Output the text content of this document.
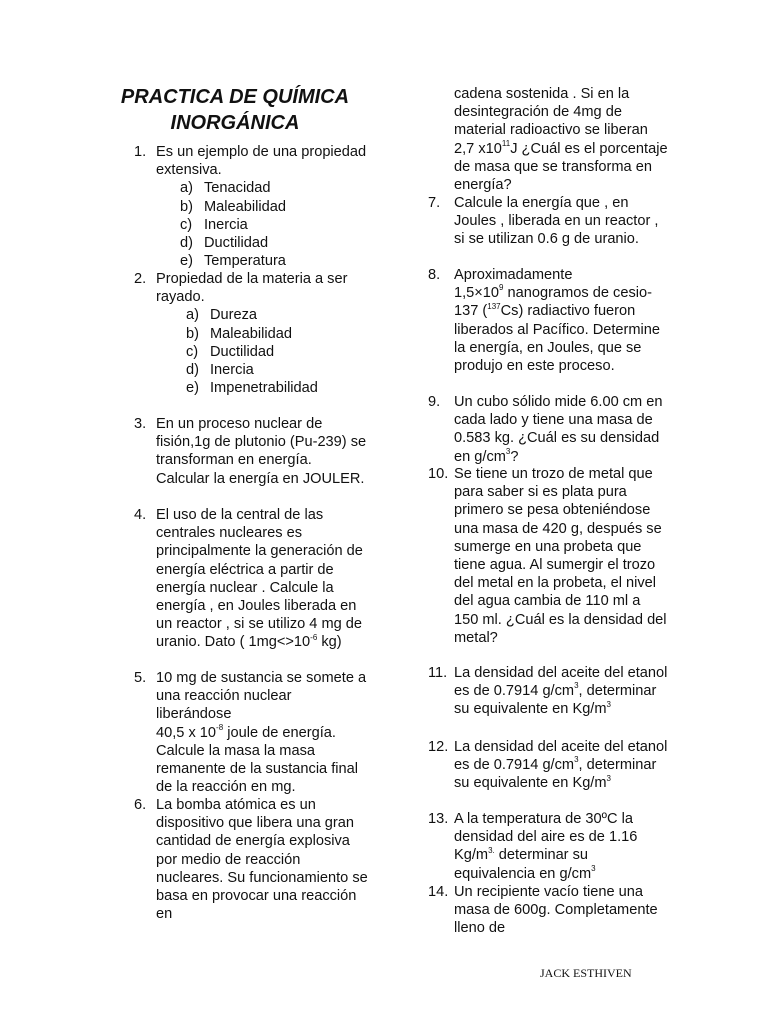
PRACTICA DE QUÍMICA
INORGÁNICA
1. Es un ejemplo de una propiedad extensiva.
a) Tenacidad
b) Maleabilidad
c) Inercia
d) Ductilidad
e) Temperatura
2. Propiedad de la materia a ser rayado.
a) Dureza
b) Maleabilidad
c) Ductilidad
d) Inercia
e) Impenetrabilidad
3. En un proceso nuclear de fisión,1g de plutonio (Pu-239) se transforman en energía. Calcular la energía en JOULER.
4. El uso de la central de las centrales nucleares es principalmente la generación de energía eléctrica a partir de energía nuclear . Calcule la energía , en Joules liberada en un reactor , si se utilizo 4 mg de uranio. Dato ( $1mg<>10^{-6}$ kg)
5. 10 mg de sustancia se somete a una reacción nuclear liberándose
40,5 x $10^{-8}$ joule de energía. Calcule la masa la masa remanente de la sustancia final de la reacción en mg.
6. La bomba atómica es un dispositivo que libera una gran cantidad de energía explosiva por medio de reacción nucleares. Su funcionamiento se basa en provocar una reacción en
cadena sostenida . Si en la desintegración de 4mg de material radioactivo se liberan 2,7 $x10^{11}J$ ¿Cuál es el porcentaje de masa que se transforma en energía?
7. Calcule la energía que , en Joules , liberada en un reactor , si se utilizan 0.6 g de uranio.
8. Aproximadamente
$1,5\times 10^9$ nanogramos de cesio-137 ($^{137}$Cs) radiactivo fueron liberados al Pacífico. Determine la energía, en Joules, que se produjo en este proceso.
9. Un cubo sólido mide 6.00 cm en cada lado y tiene una masa de 0.583 kg. ¿Cuál es su densidad en $g/cm^3$?
10. Se tiene un trozo de metal que para saber si es plata pura primero se pesa obteniéndose una masa de 420 g, después se sumerge en una probeta que tiene agua. Al sumergir el trozo del metal en la probeta, el nivel del agua cambia de 110 ml a 150 ml. ¿Cuál es la densidad del metal?
11. La densidad del aceite del etanol es de 0.7914 $g/cm^3$, determinar su equivalente en $Kg/m^3$
12. La densidad del aceite del etanol es de 0.7914 $g/cm^3$, determinar su equivalente en $Kg/m^3$
13. A la temperatura de 30ºC la densidad del aire es de 1.16 $Kg/m^{3.}$ determinar su equivalencia en $g/cm^3$
14. Un recipiente vacío tiene una masa de 600g. Completamente lleno de
JACK ESTHIVEN
